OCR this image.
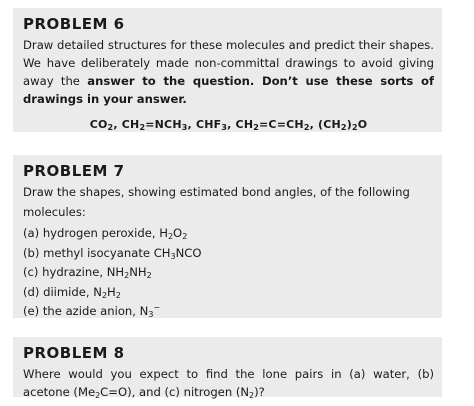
PROBLEM 6

Draw detailed structures for these molecules and predict their shapes. We have deliberately made non-committal drawings to avoid giving away the answer to the question. Don’t use these sorts of drawings in your answer.

$CO_2$, $CH_2=NCH_3$, $CHF_3$, $CH_2=C=CH_2$, $(CH_2)_2O$
PROBLEM 7

Draw the shapes, showing estimated bond angles, of the following molecules:

(a) hydrogen peroxide, $H_2O_2$

(b) methyl isocyanate $CH_3NCO$

(c) hydrazine, $NH_2NH_2$

(d) diimide, $N_2H_2$

(e) the azide anion, $N_3^-$

PROBLEM 8

Where would you expect to find the lone pairs in (a) water, (b) acetone $(Me_2C=O)$, and (c) nitrogen $(N_2)$?
